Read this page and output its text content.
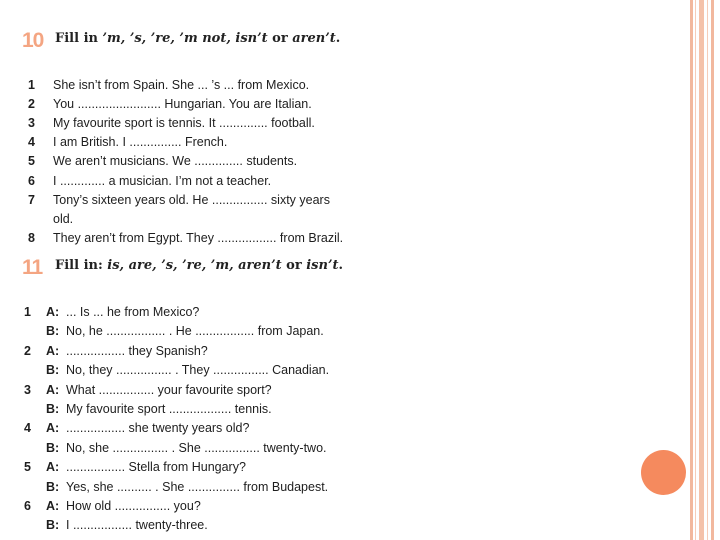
10 Fill in ’m, ’s, ’re, ’m not, isn’t or aren’t.
1	She isn’t from Spain. She ... ’s ... from Mexico.
2	You ........................ Hungarian. You are Italian.
3	My favourite sport is tennis. It .............. football.
4	I am British. I ............... French.
5	We aren’t musicians. We .............. students.
6	I ............. a musician. I’m not a teacher.
7	Tony’s sixteen years old. He ................ sixty years
old.
8	They aren’t from Egypt. They ................. from Brazil.
11 Fill in: is, are, ’s, ’re, ’m, aren’t or isn’t.
1	A: ... Is ... he from Mexico?
B: No, he ................. . He ................. from Japan.
2	A: ................. they Spanish?
B: No, they ................ . They ................ Canadian.
3	A: What ................ your favourite sport?
B: My favourite sport .................. tennis.
4	A: ................. she twenty years old?
B: No, she ................ . She ................ twenty-two.
5	A: ................. Stella from Hungary?
B: Yes, she .......... . She ............... from Budapest.
6	A: How old ................ you?
B: I ................. twenty-three.
